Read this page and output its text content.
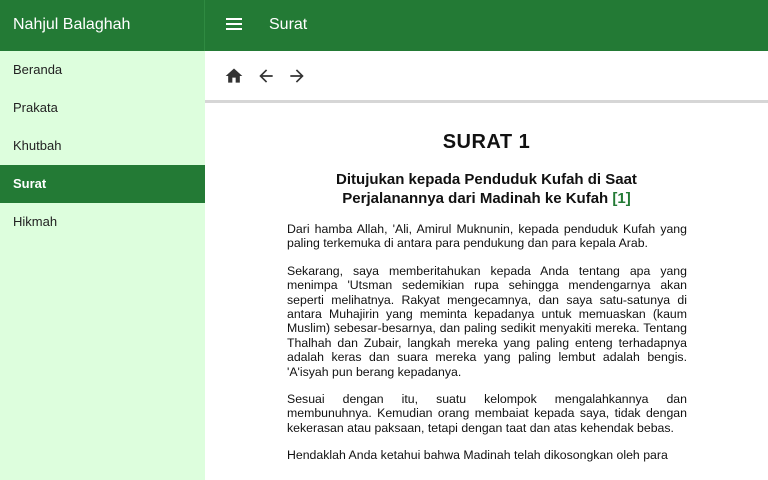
Nahjul Balaghah
Beranda
Prakata
Khutbah
Surat
Hikmah
Surat
SURAT 1
Ditujukan kepada Penduduk Kufah di Saat Perjalanannya dari Madinah ke Kufah [1]

Dari hamba Allah, 'Ali, Amirul Muknunin, kepada penduduk Kufah yang paling terkemuka di antara para pendukung dan para kepala Arab.

Sekarang, saya memberitahukan kepada Anda tentang apa yang menimpa 'Utsman sedemikian rupa sehingga mendengarnya akan seperti melihatnya. Rakyat mengecamnya, dan saya satu-satunya di antara Muhajirin yang meminta kepadanya untuk memuaskan (kaum Muslim) sebesar-besarnya, dan paling sedikit menyakiti mereka. Tentang Thalhah dan Zubair, langkah mereka yang paling enteng terhadapnya adalah keras dan suara mereka yang paling lembut adalah bengis. 'A'isyah pun berang kepadanya.

Sesuai dengan itu, suatu kelompok mengalahkannya dan membunuhnya. Kemudian orang membaiat kepada saya, tidak dengan kekerasan atau paksaan, tetapi dengan taat dan atas kehendak bebas.

Hendaklah Anda ketahui bahwa Madinah telah dikosongkan oleh para
